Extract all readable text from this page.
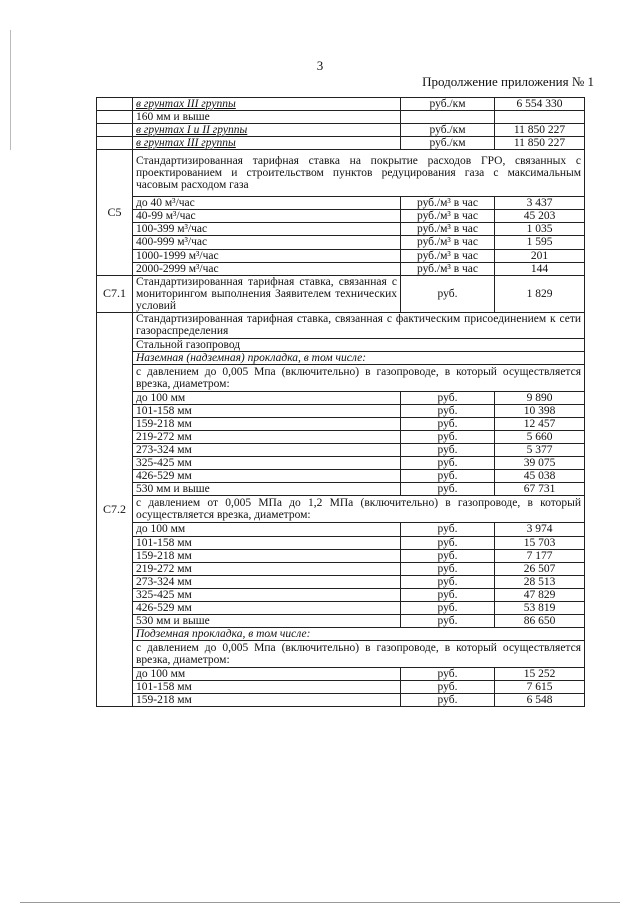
3
Продолжение приложения № 1
	в грунтах III группы	руб./км	6 554 330
	160 мм и выше		
	в грунтах I и II группы	руб./км	11 850 227
	в грунтах III группы	руб./км	11 850 227
C5	Стандартизированная тарифная ставка на покрытие расходов ГРО, связанных с проектированием и строительством пунктов редуцирования газа с максимальным часовым расходом газа		
	до 40 м³/час	руб./м³ в час	3 437
	40-99 м³/час	руб./м³ в час	45 203
	100-399 м³/час	руб./м³ в час	1 035
	400-999 м³/час	руб./м³ в час	1 595
	1000-1999 м³/час	руб./м³ в час	201
	2000-2999 м³/час	руб./м³ в час	144
C7.1	Стандартизированная тарифная ставка, связанная с мониторингом выполнения Заявителем технических условий	руб.	1 829
C7.2	Стандартизированная тарифная ставка, связанная с фактическим присоединением к сети газораспределения		
	Стальной газопровод		
	Наземная (надземная) прокладка, в том числе:		
	с давлением до 0,005 Мпа (включительно) в газопроводе, в который осуществляется врезка, диаметром:		
	до 100 мм	руб.	9 890
	101-158 мм	руб.	10 398
	159-218 мм	руб.	12 457
	219-272 мм	руб.	5 660
	273-324 мм	руб.	5 377
	325-425 мм	руб.	39 075
	426-529 мм	руб.	45 038
	530 мм и выше	руб.	67 731
	с давлением от 0,005 МПа до 1,2 МПа (включительно) в газопроводе, в который осуществляется врезка, диаметром:		
	до 100 мм	руб.	3 974
	101-158 мм	руб.	15 703
	159-218 мм	руб.	7 177
	219-272 мм	руб.	26 507
	273-324 мм	руб.	28 513
	325-425 мм	руб.	47 829
	426-529 мм	руб.	53 819
	530 мм и выше	руб.	86 650
	Подземная прокладка, в том числе:		
	с давлением до 0,005 Мпа (включительно) в газопроводе, в который осуществляется врезка, диаметром:		
	до 100 мм	руб.	15 252
	101-158 мм	руб.	7 615
	159-218 мм	руб.	6 548
